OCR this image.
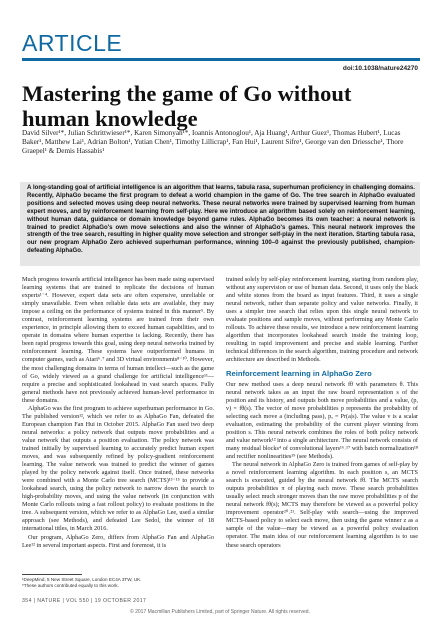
ARTICLE
doi:10.1038/nature24270
Mastering the game of Go without human knowledge
David Silver¹*, Julian Schrittwieser¹*, Karen Simonyan¹*, Ioannis Antonoglou¹, Aja Huang¹, Arthur Guez¹, Thomas Hubert¹, Lucas Baker¹, Matthew Lai¹, Adrian Bolton¹, Yutian Chen¹, Timothy Lillicrap¹, Fan Hui¹, Laurent Sifre¹, George van den Driessche¹, Thore Graepel¹ & Demis Hassabis¹
A long-standing goal of artificial intelligence is an algorithm that learns, tabula rasa, superhuman proficiency in challenging domains. Recently, AlphaGo became the first program to defeat a world champion in the game of Go. The tree search in AlphaGo evaluated positions and selected moves using deep neural networks. These neural networks were trained by supervised learning from human expert moves, and by reinforcement learning from self-play. Here we introduce an algorithm based solely on reinforcement learning, without human data, guidance or domain knowledge beyond game rules. AlphaGo becomes its own teacher: a neural network is trained to predict AlphaGo's own move selections and also the winner of AlphaGo's games. This neural network improves the strength of the tree search, resulting in higher quality move selection and stronger self-play in the next iteration. Starting tabula rasa, our new program AlphaGo Zero achieved superhuman performance, winning 100–0 against the previously published, champion-defeating AlphaGo.

Much progress towards artificial intelligence has been made using supervised learning systems that are trained to replicate the decisions of human experts¹⁻⁴. However, expert data sets are often expensive, unreliable or simply unavailable. Even when reliable data sets are available, they may impose a ceiling on the performance of systems trained in this manner⁵. By contrast, reinforcement learning systems are trained from their own experience, in principle allowing them to exceed human capabilities, and to operate in domains where human expertise is lacking. Recently, there has been rapid progress towards this goal, using deep neural networks trained by reinforcement learning. These systems have outperformed humans in computer games, such as Atari⁶˒⁷ and 3D virtual environments⁸⁻¹⁰. However, the most challenging domains in terms of human intellect—such as the game of Go, widely viewed as a grand challenge for artificial intelligence¹¹—require a precise and sophisticated lookahead in vast search spaces. Fully general methods have not previously achieved human-level performance in these domains.

AlphaGo was the first program to achieve superhuman performance in Go. The published version¹², which we refer to as AlphaGo Fan, defeated the European champion Fan Hui in October 2015. AlphaGo Fan used two deep neural networks: a policy network that outputs move probabilities and a value network that outputs a position evaluation. The policy network was trained initially by supervised learning to accurately predict human expert moves, and was subsequently refined by policy-gradient reinforcement learning. The value network was trained to predict the winner of games played by the policy network against itself. Once trained, these networks were combined with a Monte Carlo tree search (MCTS)¹³⁻¹⁵ to provide a lookahead search, using the policy network to narrow down the search to high-probability moves, and using the value network (in conjunction with Monte Carlo rollouts using a fast rollout policy) to evaluate positions in the tree. A subsequent version, which we refer to as AlphaGo Lee, used a similar approach (see Methods), and defeated Lee Sedol, the winner of 18 international titles, in March 2016.

Our program, AlphaGo Zero, differs from AlphaGo Fan and AlphaGo Lee¹² in several important aspects. First and foremost, it is

trained solely by self-play reinforcement learning, starting from random play, without any supervision or use of human data. Second, it uses only the black and white stones from the board as input features. Third, it uses a single neural network, rather than separate policy and value networks. Finally, it uses a simpler tree search that relies upon this single neural network to evaluate positions and sample moves, without performing any Monte Carlo rollouts. To achieve these results, we introduce a new reinforcement learning algorithm that incorporates lookahead search inside the training loop, resulting in rapid improvement and precise and stable learning. Further technical differences in the search algorithm, training procedure and network architecture are described in Methods.

Reinforcement learning in AlphaGo Zero

Our new method uses a deep neural network fθ with parameters θ. This neural network takes as an input the raw board representation s of the position and its history, and outputs both move probabilities and a value, (p, v) = fθ(s). The vector of move probabilities p represents the probability of selecting each move a (including pass), pₐ = Pr(a|s). The value v is a scalar evaluation, estimating the probability of the current player winning from position s. This neural network combines the roles of both policy network and value network¹² into a single architecture. The neural network consists of many residual blocks⁴ of convolutional layers¹⁶˒¹⁷ with batch normalization¹⁸ and rectifier nonlinearities¹⁹ (see Methods).

The neural network in AlphaGo Zero is trained from games of self-play by a novel reinforcement learning algorithm. In each position s, an MCTS search is executed, guided by the neural network fθ. The MCTS search outputs probabilities π of playing each move. These search probabilities usually select much stronger moves than the raw move probabilities p of the neural network fθ(s); MCTS may therefore be viewed as a powerful policy improvement operator²⁰˒²¹. Self-play with search—using the improved MCTS-based policy to select each move, then using the game winner z as a sample of the value—may be viewed as a powerful policy evaluation operator. The main idea of our reinforcement learning algorithm is to use these search operators

¹DeepMind, 5 New Street Square, London EC4A 3TW, UK.
*These authors contributed equally to this work.
354 | NATURE | VOL 550 | 19 OCTOBER 2017
© 2017 Macmillan Publishers Limited, part of Springer Nature. All rights reserved.
